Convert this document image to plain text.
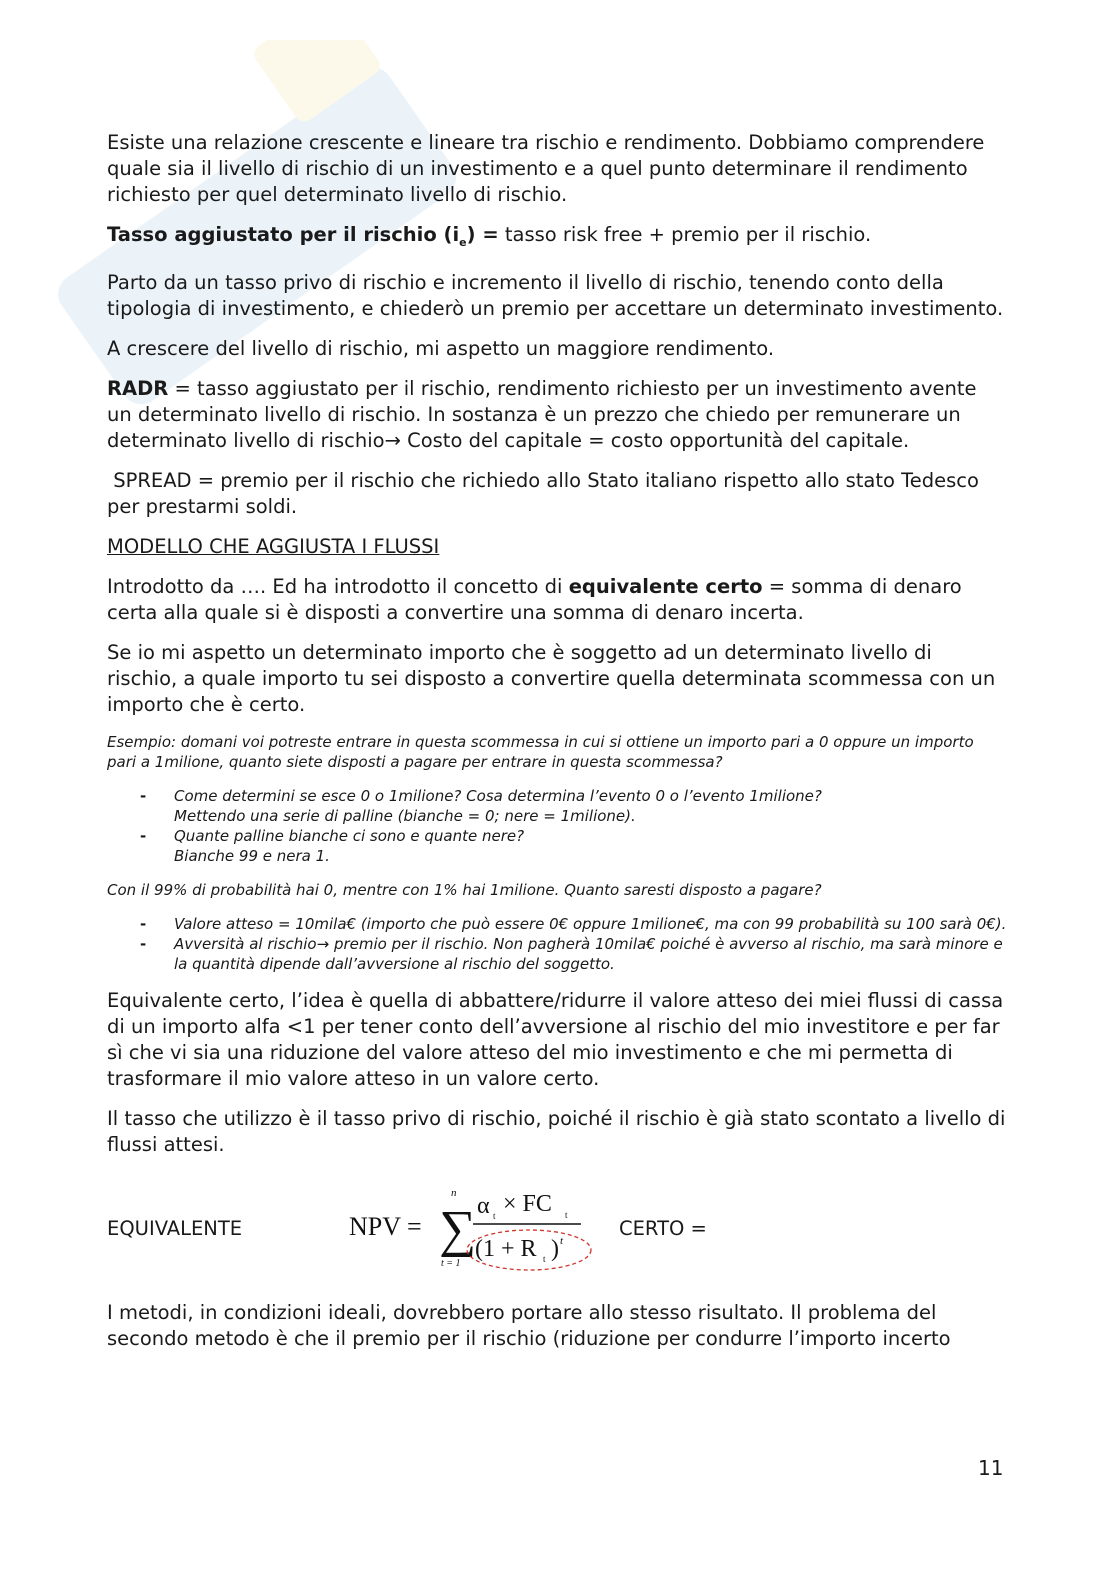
Esiste una relazione crescente e lineare tra rischio e rendimento. Dobbiamo comprendere quale sia il livello di rischio di un investimento e a quel punto determinare il rendimento richiesto per quel determinato livello di rischio.

Tasso aggiustato per il rischio $(i_e)$ = tasso risk free + premio per il rischio.

Parto da un tasso privo di rischio e incremento il livello di rischio, tenendo conto della tipologia di investimento, e chiederò un premio per accettare un determinato investimento.

A crescere del livello di rischio, mi aspetto un maggiore rendimento.

RADR = tasso aggiustato per il rischio, rendimento richiesto per un investimento avente un determinato livello di rischio. In sostanza è un prezzo che chiedo per remunerare un determinato livello di rischio→ Costo del capitale = costo opportunità del capitale.

SPREAD = premio per il rischio che richiedo allo Stato italiano rispetto allo stato Tedesco per prestarmi soldi.

MODELLO CHE AGGIUSTA I FLUSSI

Introdotto da …. Ed ha introdotto il concetto di equivalente certo = somma di denaro certa alla quale si è disposti a convertire una somma di denaro incerta.

Se io mi aspetto un determinato importo che è soggetto ad un determinato livello di rischio, a quale importo tu sei disposto a convertire quella determinata scommessa con un importo che è certo.

Esempio: domani voi potreste entrare in questa scommessa in cui si ottiene un importo pari a 0 oppure un importo pari a 1milione, quanto siete disposti a pagare per entrare in questa scommessa?

- Come determini se esce 0 o 1milione? Cosa determina l’evento 0 o l’evento 1milione?
Mettendo una serie di palline (bianche = 0; nere = 1milione).
- Quante palline bianche ci sono e quante nere?
Bianche 99 e nera 1.

Con il 99% di probabilità hai 0, mentre con 1% hai 1milione. Quanto saresti disposto a pagare?

- Valore atteso = 10mila€ (importo che può essere 0€ oppure 1milione€, ma con 99 probabilità su 100 sarà 0€).
- Avversità al rischio→ premio per il rischio. Non pagherà 10mila€ poiché è avverso al rischio, ma sarà minore e la quantità dipende dall’avversione al rischio del soggetto.

Equivalente certo, l’idea è quella di abbattere/ridurre il valore atteso dei miei flussi di cassa di un importo alfa <1 per tener conto dell’avversione al rischio del mio investitore e per far sì che vi sia una riduzione del valore atteso del mio investimento e che mi permetta di trasformare il mio valore atteso in un valore certo.

Il tasso che utilizzo è il tasso privo di rischio, poiché il rischio è già stato scontato a livello di flussi attesi.

EQUIVALENTE	NPV = ∑
n
t = 1
α t × FC t
(1 + R t ) t
CERTO =

I metodi, in condizioni ideali, dovrebbero portare allo stesso risultato. Il problema del secondo metodo è che il premio per il rischio (riduzione per condurre l’importo incerto

11
